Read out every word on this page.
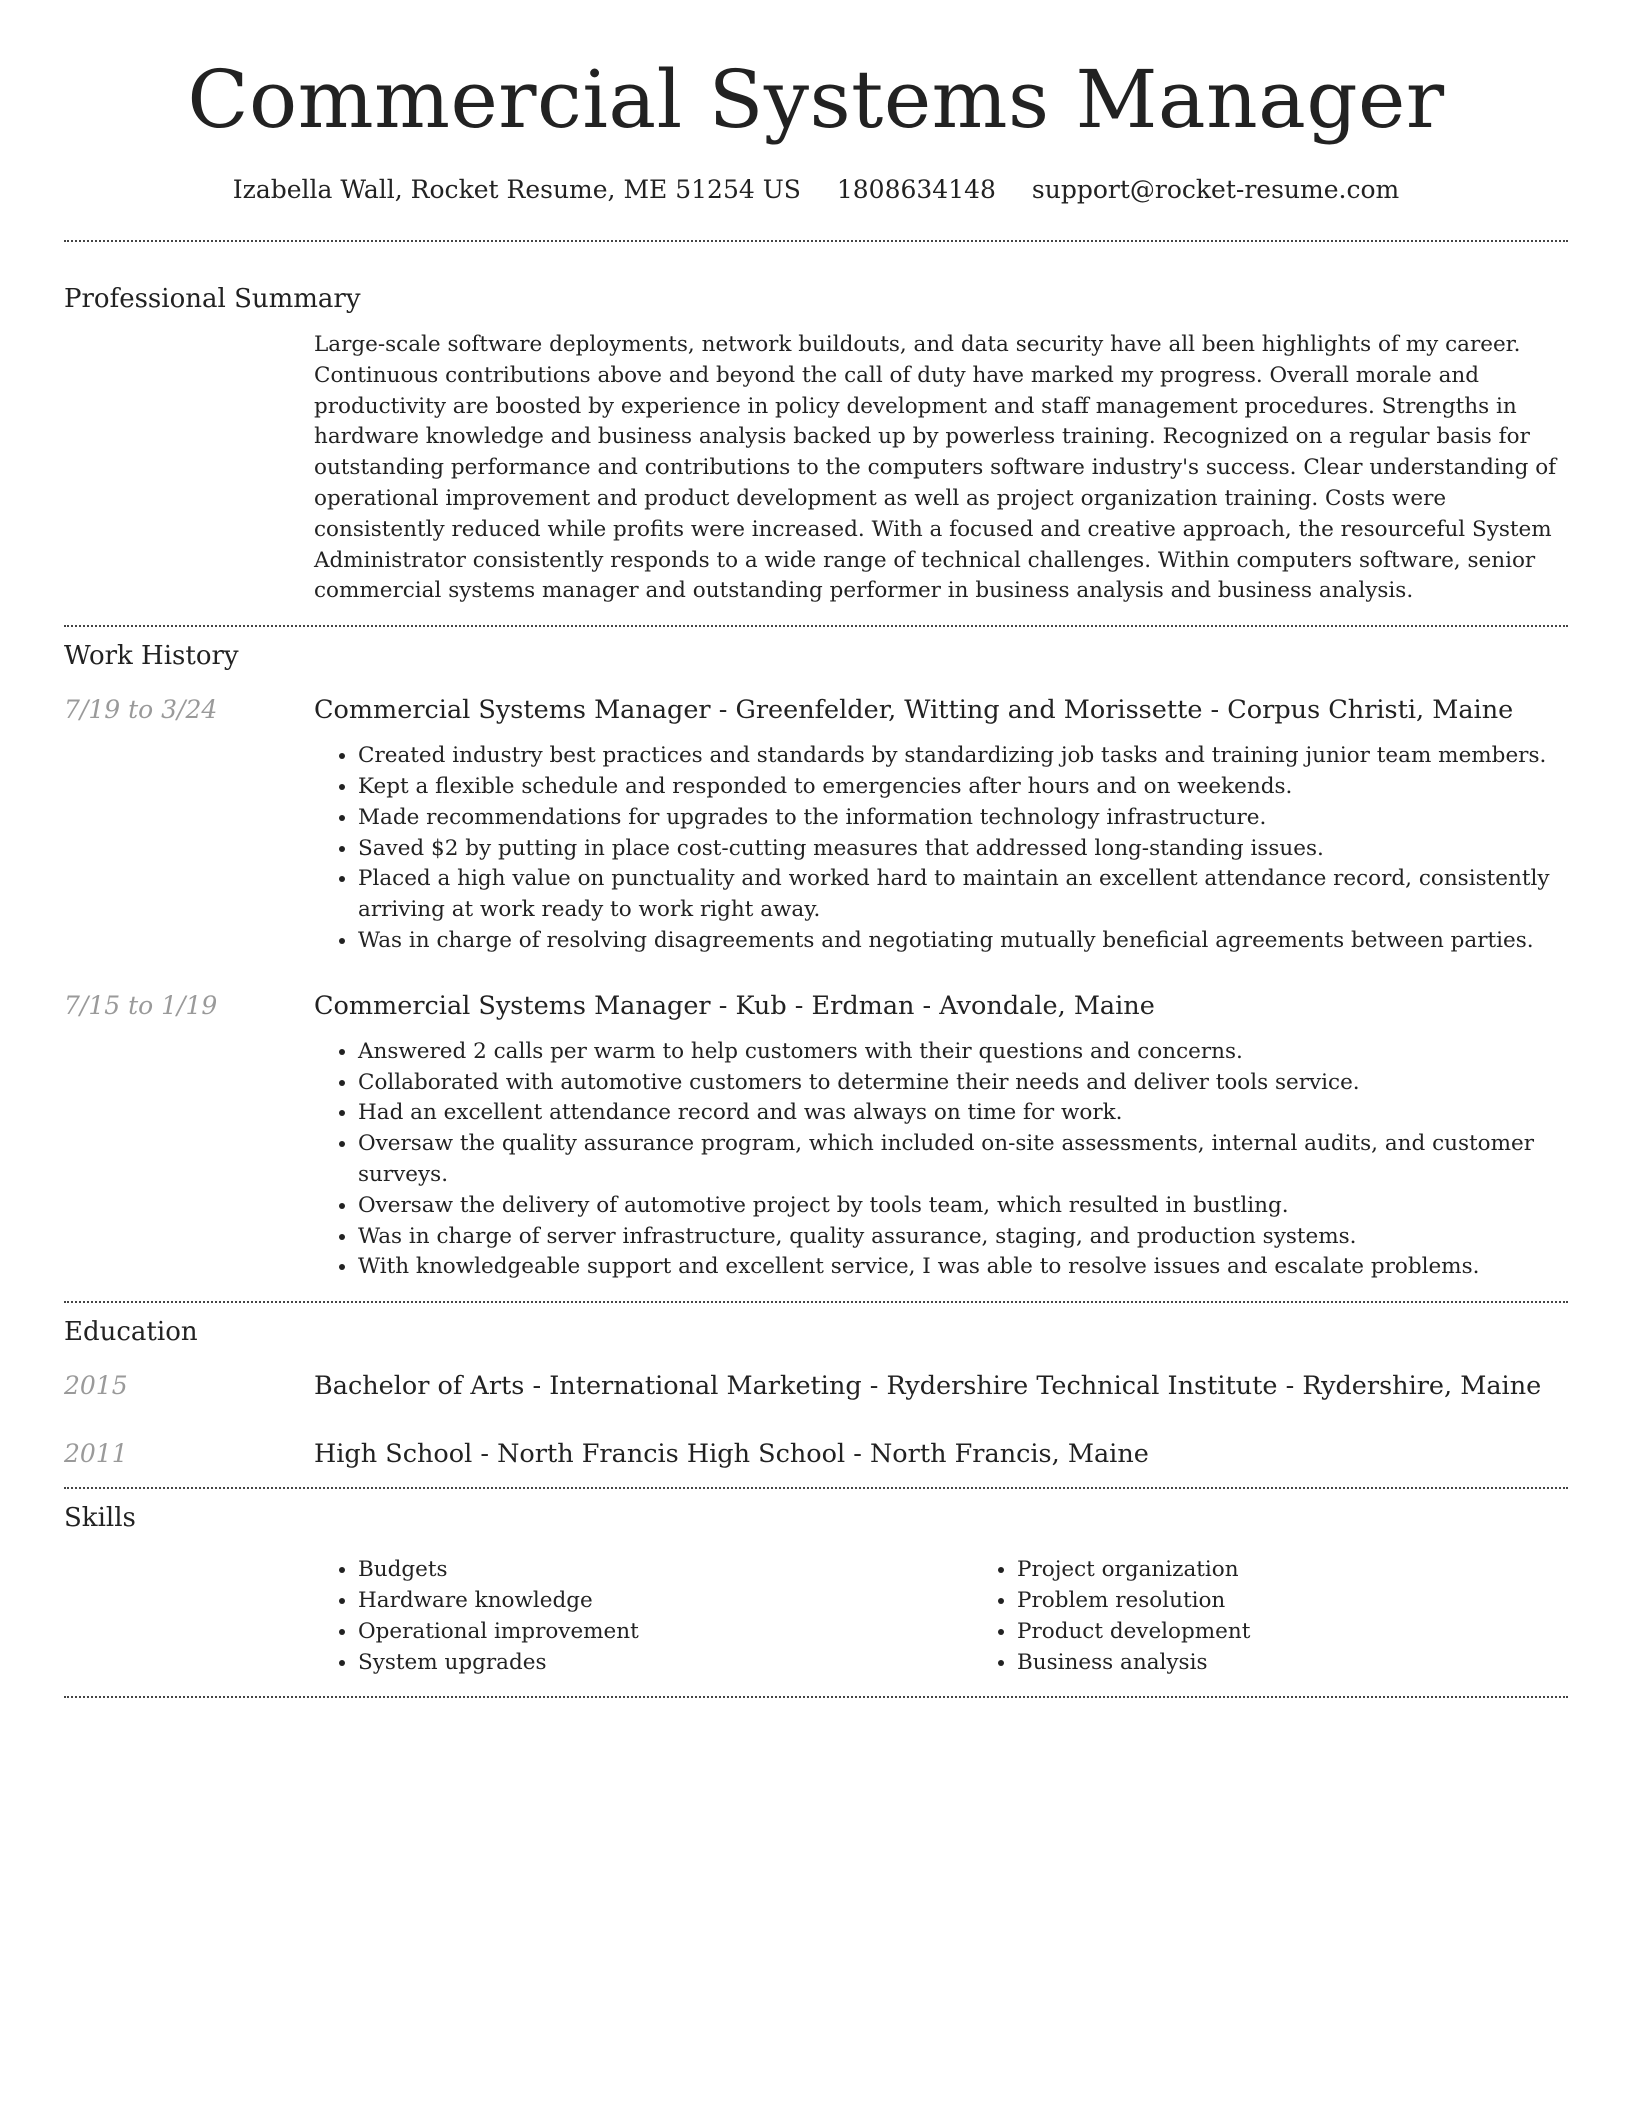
Commercial Systems Manager
Izabella Wall, Rocket Resume, ME 51254 US 1808634148 support@rocket-resume.com
Professional Summary
Large-scale software deployments, network buildouts, and data security have all been highlights of my career. Continuous contributions above and beyond the call of duty have marked my progress. Overall morale and productivity are boosted by experience in policy development and staff management procedures. Strengths in hardware knowledge and business analysis backed up by powerless training. Recognized on a regular basis for outstanding performance and contributions to the computers software industry's success. Clear understanding of operational improvement and product development as well as project organization training. Costs were consistently reduced while profits were increased. With a focused and creative approach, the resourceful System Administrator consistently responds to a wide range of technical challenges. Within computers software, senior commercial systems manager and outstanding performer in business analysis and business analysis.
Work History
7/19 to 3/24	Commercial Systems Manager - Greenfelder, Witting and Morissette - Corpus Christi, Maine
• Created industry best practices and standards by standardizing job tasks and training junior team members.
• Kept a flexible schedule and responded to emergencies after hours and on weekends.
• Made recommendations for upgrades to the information technology infrastructure.
• Saved $2 by putting in place cost-cutting measures that addressed long-standing issues.
• Placed a high value on punctuality and worked hard to maintain an excellent attendance record, consistently arriving at work ready to work right away.
• Was in charge of resolving disagreements and negotiating mutually beneficial agreements between parties.
7/15 to 1/19	Commercial Systems Manager - Kub - Erdman - Avondale, Maine
• Answered 2 calls per warm to help customers with their questions and concerns.
• Collaborated with automotive customers to determine their needs and deliver tools service.
• Had an excellent attendance record and was always on time for work.
• Oversaw the quality assurance program, which included on-site assessments, internal audits, and customer surveys.
• Oversaw the delivery of automotive project by tools team, which resulted in bustling.
• Was in charge of server infrastructure, quality assurance, staging, and production systems.
• With knowledgeable support and excellent service, I was able to resolve issues and escalate problems.
Education
2015	Bachelor of Arts - International Marketing - Rydershire Technical Institute - Rydershire, Maine
2011	High School - North Francis High School - North Francis, Maine
Skills
• Budgets
• Hardware knowledge
• Operational improvement
• System upgrades
• Project organization
• Problem resolution
• Product development
• Business analysis
